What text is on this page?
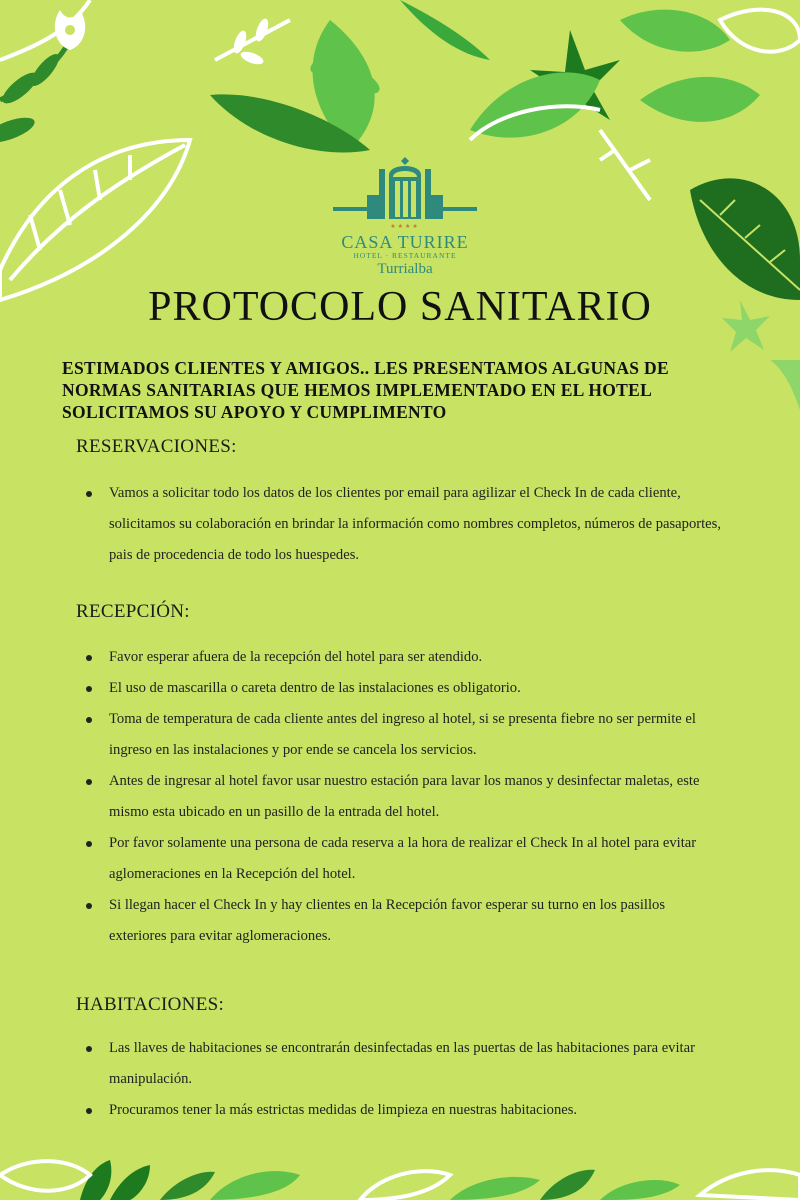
★★★★
CASA TURIRE
HOTEL · RESTAURANTE
Turrialba
PROTOCOLO SANITARIO
ESTIMADOS CLIENTES Y AMIGOS.. LES PRESENTAMOS ALGUNAS DE
NORMAS SANITARIAS QUE HEMOS IMPLEMENTADO EN EL HOTEL
SOLICITAMOS SU APOYO Y CUMPLIMENTO
RESERVACIONES:
Vamos a solicitar todo los datos de los clientes por email para agilizar el Check In de cada cliente, solicitamos su colaboración en brindar la información como nombres completos, números de pasaportes, pais de procedencia de todo los huespedes.
RECEPCIÓN:
Favor esperar afuera de la recepción del hotel para ser atendido.
El uso de mascarilla o careta dentro de las instalaciones es obligatorio.
Toma de temperatura de cada cliente antes del ingreso al hotel, si se presenta fiebre no ser permite el ingreso en las instalaciones y por ende se cancela los servicios.
Antes de ingresar al hotel favor usar nuestro estación para lavar los manos y desinfectar maletas, este mismo esta ubicado en un pasillo de la entrada del hotel.
Por favor solamente una persona de cada reserva a la hora de realizar el Check In al hotel para evitar aglomeraciones en la Recepción del hotel.
Si llegan hacer el Check In y hay clientes en la Recepción favor esperar su turno en los pasillos exteriores para evitar aglomeraciones.
HABITACIONES:
Las llaves de habitaciones se encontrarán desinfectadas en las puertas de las habitaciones para evitar manipulación.
Procuramos tener la más estrictas medidas de limpieza en nuestras habitaciones.
